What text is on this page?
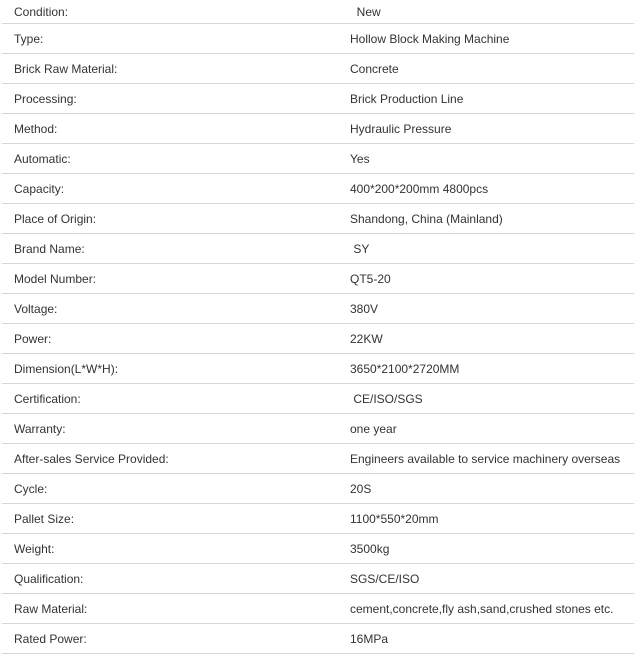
Condition:	New
Type:	Hollow Block Making Machine
Brick Raw Material:	Concrete
Processing:	Brick Production Line
Method:	Hydraulic Pressure
Automatic:	Yes
Capacity:	400*200*200mm 4800pcs
Place of Origin:	Shandong, China (Mainland)
Brand Name:	SY
Model Number:	QT5-20
Voltage:	380V
Power:	22KW
Dimension(L*W*H):	3650*2100*2720MM
Certification:	CE/ISO/SGS
Warranty:	one year
After-sales Service Provided:	Engineers available to service machinery overseas
Cycle:	20S
Pallet Size:	1100*550*20mm
Weight:	3500kg
Qualification:	SGS/CE/ISO
Raw Material:	cement,concrete,fly ash,sand,crushed stones etc.
Rated Power:	16MPa
